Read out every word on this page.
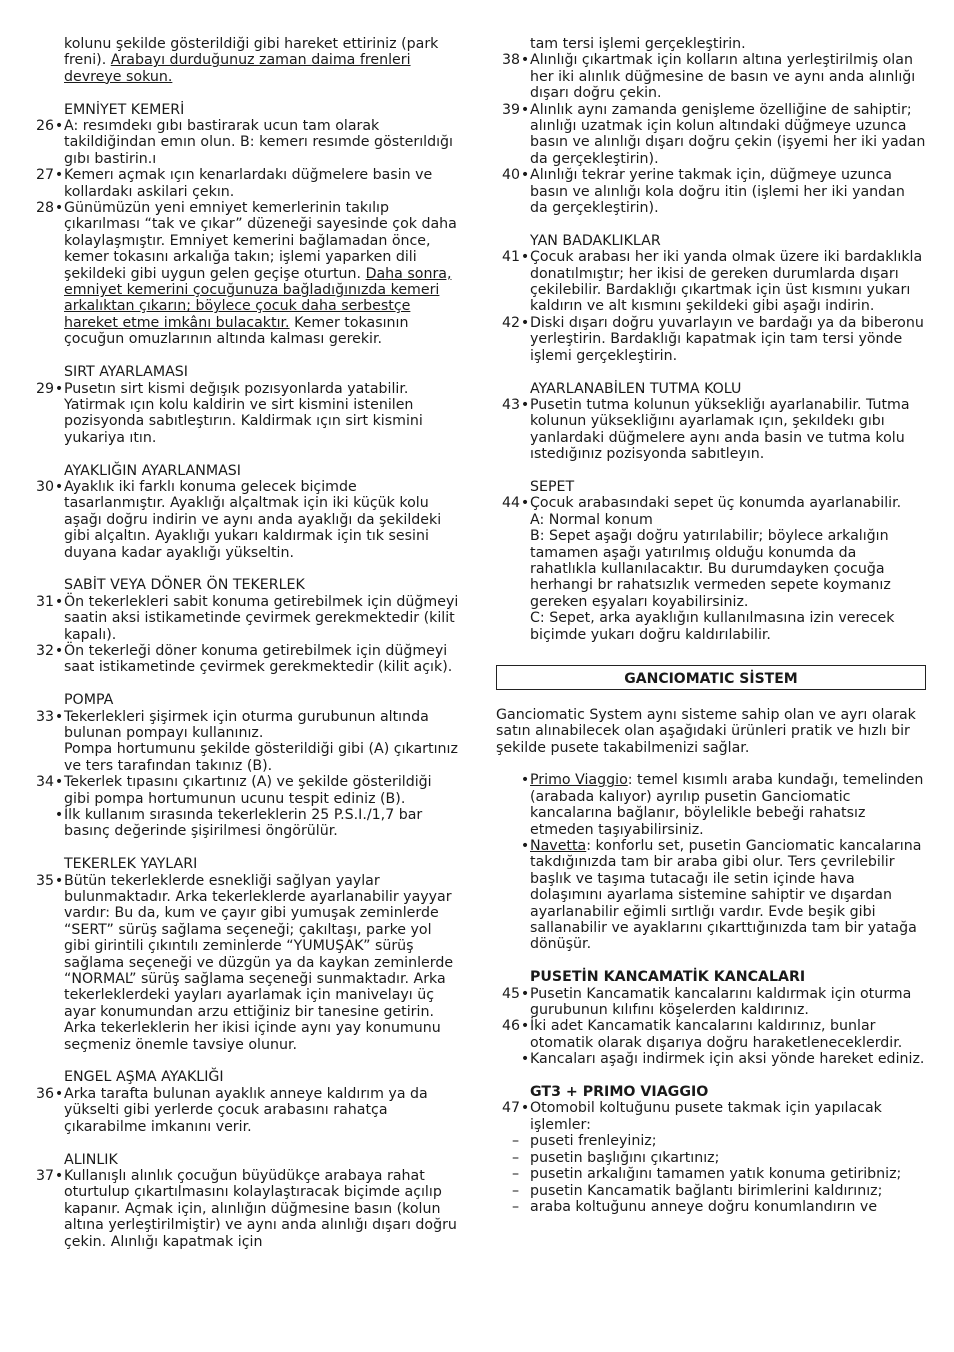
kolunu şekilde gösterildiği gibi hareket ettiriniz (park freni). Arabayı durduğunuz zaman daima frenleri devreye sokun.
EMNİYET KEMERİ
26 • A: resımdekı gıbı bastirarak ucun tam olarak takildiğindan emın olun. B: kemerı resımde gösterıldığı gıbı bastirin.ı
27 • Kemerı açmak ıçın kenarlardakı düğmelere basin ve kollardakı askilari çekın.
28 • Günümüzün yeni emniyet kemerlerinin takılıp çıkarılması “tak ve çıkar” düzeneği sayesinde çok daha kolaylaşmıştır. Emniyet kemerini bağlamadan önce, kemer tokasını arkalığa takın; işlemi yaparken dili şekildeki gibi uygun gelen geçişe oturtun. Daha sonra, emniyet kemerini çocuğunuza bağladığınızda kemeri arkalıktan çıkarın; böylece çocuk daha serbestçe hareket etme imkânı bulacaktır. Kemer tokasının çocuğun omuzlarının altında kalması gerekir.
SIRT AYARLAMASI
29 • Pusetın sirt kismi değışık pozısyonlarda yatabilir. Yatirmak ıçın kolu kaldirin ve sirt kismini istenilen pozisyonda sabıtleştırın. Kaldirmak ıçın sirt kismini yukariya ıtın.
AYAKLIĞIN AYARLANMASI
30 • Ayaklık iki farklı konuma gelecek biçimde tasarlanmıştır. Ayaklığı alçaltmak için iki küçük kolu aşağı doğru indirin ve aynı anda ayaklığı da şekildeki gibi alçaltın. Ayaklığı yukarı kaldırmak için tık sesini duyana kadar ayaklığı yükseltin.
SABİT VEYA DÖNER ÖN TEKERLEK
31 • Ön tekerlekleri sabit konuma getirebilmek için düğmeyi saatin aksi istikametinde çevirmek gerekmektedir (kilit kapalı).
32 • Ön tekerleği döner konuma getirebilmek için düğmeyi saat istikametinde çevirmek gerekmektedir (kilit açık).
POMPA
33 • Tekerlekleri şişirmek için oturma gurubunun altında bulunan pompayı kullanınız.
Pompa hortumunu şekilde gösterildiği gibi (A) çıkartınız ve ters tarafından takınız (B).
34 • Tekerlek tıpasını çıkartınız (A) ve şekilde gösterildiği gibi pompa hortumunun ucunu tespit ediniz (B).
• İlk kullanım sırasında tekerleklerin 25 P.S.I./1,7 bar basınç değerinde şişirilmesi öngörülür.
TEKERLEK YAYLARI
35 • Bütün tekerleklerde esnekliği sağlyan yaylar bulunmaktadır. Arka tekerleklerde ayarlanabilir yayyar vardır: Bu da, kum ve çayır gibi yumuşak zeminlerde “SERT” sürüş sağlama seçeneği; çakıltaşı, parke yol gibi girintili çıkıntılı zeminlerde “YUMUŞAK” sürüş sağlama seçeneği ve düzgün ya da kaykan zeminlerde “NORMAL” sürüş sağlama seçeneği sunmaktadır. Arka tekerleklerdeki yayları ayarlamak için manivelayı üç ayar konumundan arzu ettiğiniz bir tanesine getirin. Arka tekerleklerin her ikisi içinde aynı yay konumunu seçmeniz önemle tavsiye olunur.
ENGEL AŞMA AYAKLIĞI
36 • Arka tarafta bulunan ayaklık anneye kaldırım ya da yükselti gibi yerlerde çocuk arabasını rahatça çıkarabilme imkanını verir.
ALINLIK
37 • Kullanışlı alınlık çocuğun büyüdükçe arabaya rahat oturtulup çıkartılmasını kolaylaştıracak biçimde açılıp kapanır. Açmak için, alınlığın düğmesine basın (kolun altına yerleştirilmiştir) ve aynı anda alınlığı dışarı doğru çekin. Alınlığı kapatmak için
tam tersi işlemi gerçekleştirin.
38 • Alınlığı çıkartmak için kolların altına yerleştirilmiş olan her iki alınlık düğmesine de basın ve aynı anda alınlığı dışarı doğru çekin.
39 • Alınlık aynı zamanda genişleme özelliğine de sahiptir; alınlığı uzatmak için kolun altındaki düğmeye uzunca basın ve alınlığı dışarı doğru çekin (işyemi her iki yadan da gerçekleştirin).
40 • Alınlığı tekrar yerine takmak için, düğmeye uzunca basın ve alınlığı kola doğru itin (işlemi her iki yandan da gerçekleştirin).
YAN BADAKLIKLAR
41 • Çocuk arabası her iki yanda olmak üzere iki bardaklıkla donatılmıştır; her ikisi de gereken durumlarda dışarı çekilebilir. Bardaklığı çıkartmak için üst kısmını yukarı kaldırın ve alt kısmını şekildeki gibi aşağı indirin.
42 • Diski dışarı doğru yuvarlayın ve bardağı ya da biberonu yerleştirin. Bardaklığı kapatmak için tam tersi yönde işlemi gerçekleştirin.
AYARLANABİLEN TUTMA KOLU
43 • Pusetin tutma kolunun yüksekliğı ayarlanabilir. Tutma kolunun yüksekliğını ayarlamak ıçın, şekıldekı gıbı yanlardaki düğmelere aynı anda basin ve tutma kolu ıstedığınız pozisyonda sabıtleyın.
SEPET
44 • Çocuk arabasındaki sepet üç konumda ayarlanabilir.
A: Normal konum
B: Sepet aşağı doğru yatırılabilir; böylece arkalığın tamamen aşağı yatırılmış olduğu konumda da rahatlıkla kullanılacaktır. Bu durumdayken çocuğa herhangi br rahatsızlık vermeden sepete koymanız gereken eşyaları koyabilirsiniz.
C: Sepet, arka ayaklığın kullanılmasına izin verecek biçimde yukarı doğru kaldırılabilir.
GANCIOMATIC SİSTEM
Ganciomatic System aynı sisteme sahip olan ve ayrı olarak satın alınabilecek olan aşağıdaki ürünleri pratik ve hızlı bir şekilde pusete takabilmenizi sağlar.
• Primo Viaggio: temel kısımlı araba kundağı, temelinden (arabada kalıyor) ayrılıp pusetin Ganciomatic kancalarına bağlanır, böylelikle bebeği rahatsız etmeden taşıyabilirsiniz.
• Navetta: konforlu set, pusetin Ganciomatic kancalarına takdığınızda tam bir araba gibi olur. Ters çevrilebilir başlık ve taşıma tutacağı ile setin içinde hava dolaşımını ayarlama sistemine sahiptir ve dışardan ayarlanabilir eğimli sırtlığı vardır. Evde beşik gibi sallanabilir ve ayaklarını çıkarttığınızda tam bir yatağa dönüşür.
PUSETİN KANCAMATİK KANCALARI
45 • Pusetin Kancamatik kancalarını kaldırmak için oturma gurubunun kılıfını köşelerden kaldırınız.
46 • İki adet Kancamatik kancalarını kaldırınız, bunlar otomatik olarak dışarıya doğru haraketleneceklerdir.
• Kancaları aşağı indirmek için aksi yönde hareket ediniz.
GT3 + PRIMO VIAGGIO
47 • Otomobil koltuğunu pusete takmak için yapılacak işlemler:
– puseti frenleyiniz;
– pusetin başlığını çıkartınız;
– pusetin arkalığını tamamen yatık konuma getiribniz;
– pusetin Kancamatik bağlantı birimlerini kaldırınız;
– araba koltuğunu anneye doğru konumlandırın ve
